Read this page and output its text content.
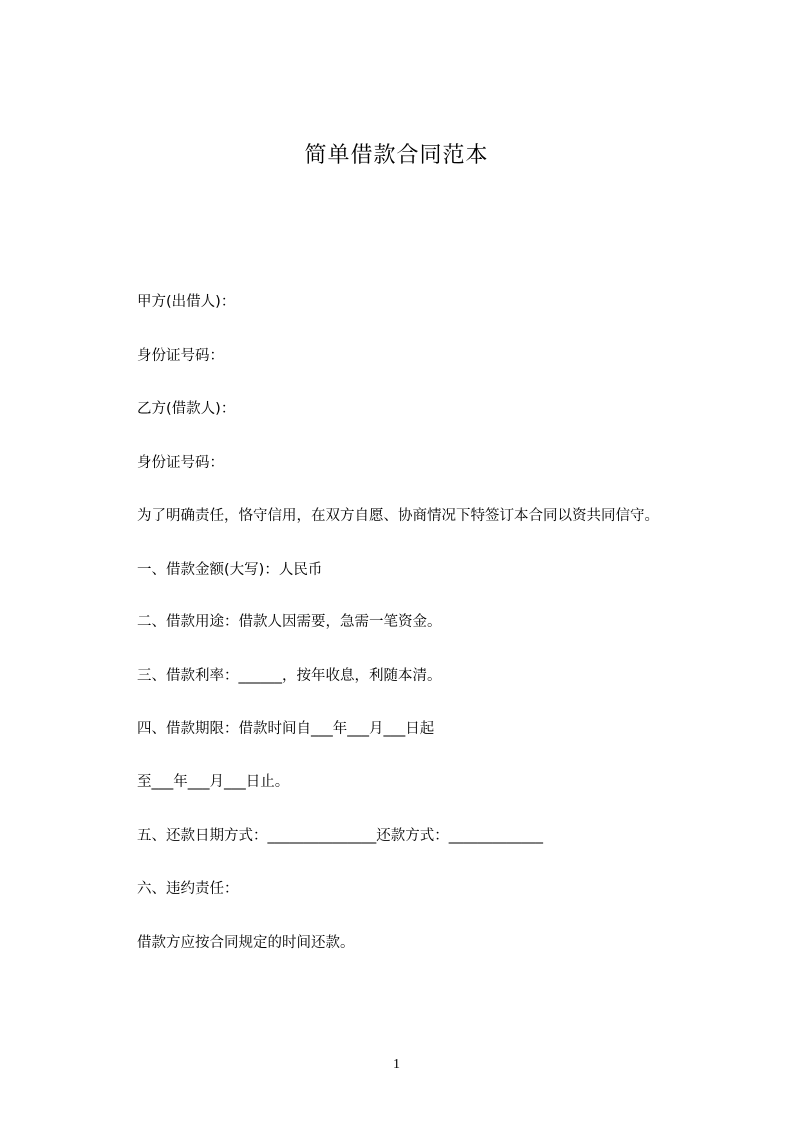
简单借款合同范本
甲方(出借人)：
身份证号码：
乙方(借款人)：
身份证号码：
为了明确责任，恪守信用，在双方自愿、协商情况下特签订本合同以资共同信守。
一、借款金额(大写)：人民币
二、借款用途：借款人因需要，急需一笔资金。
三、借款利率：______，按年收息，利随本清。
四、借款期限：借款时间自___年___月___日起
至___年___月___日止。
五、还款日期方式：_______________还款方式：_____________
六、违约责任：
借款方应按合同规定的时间还款。
1
